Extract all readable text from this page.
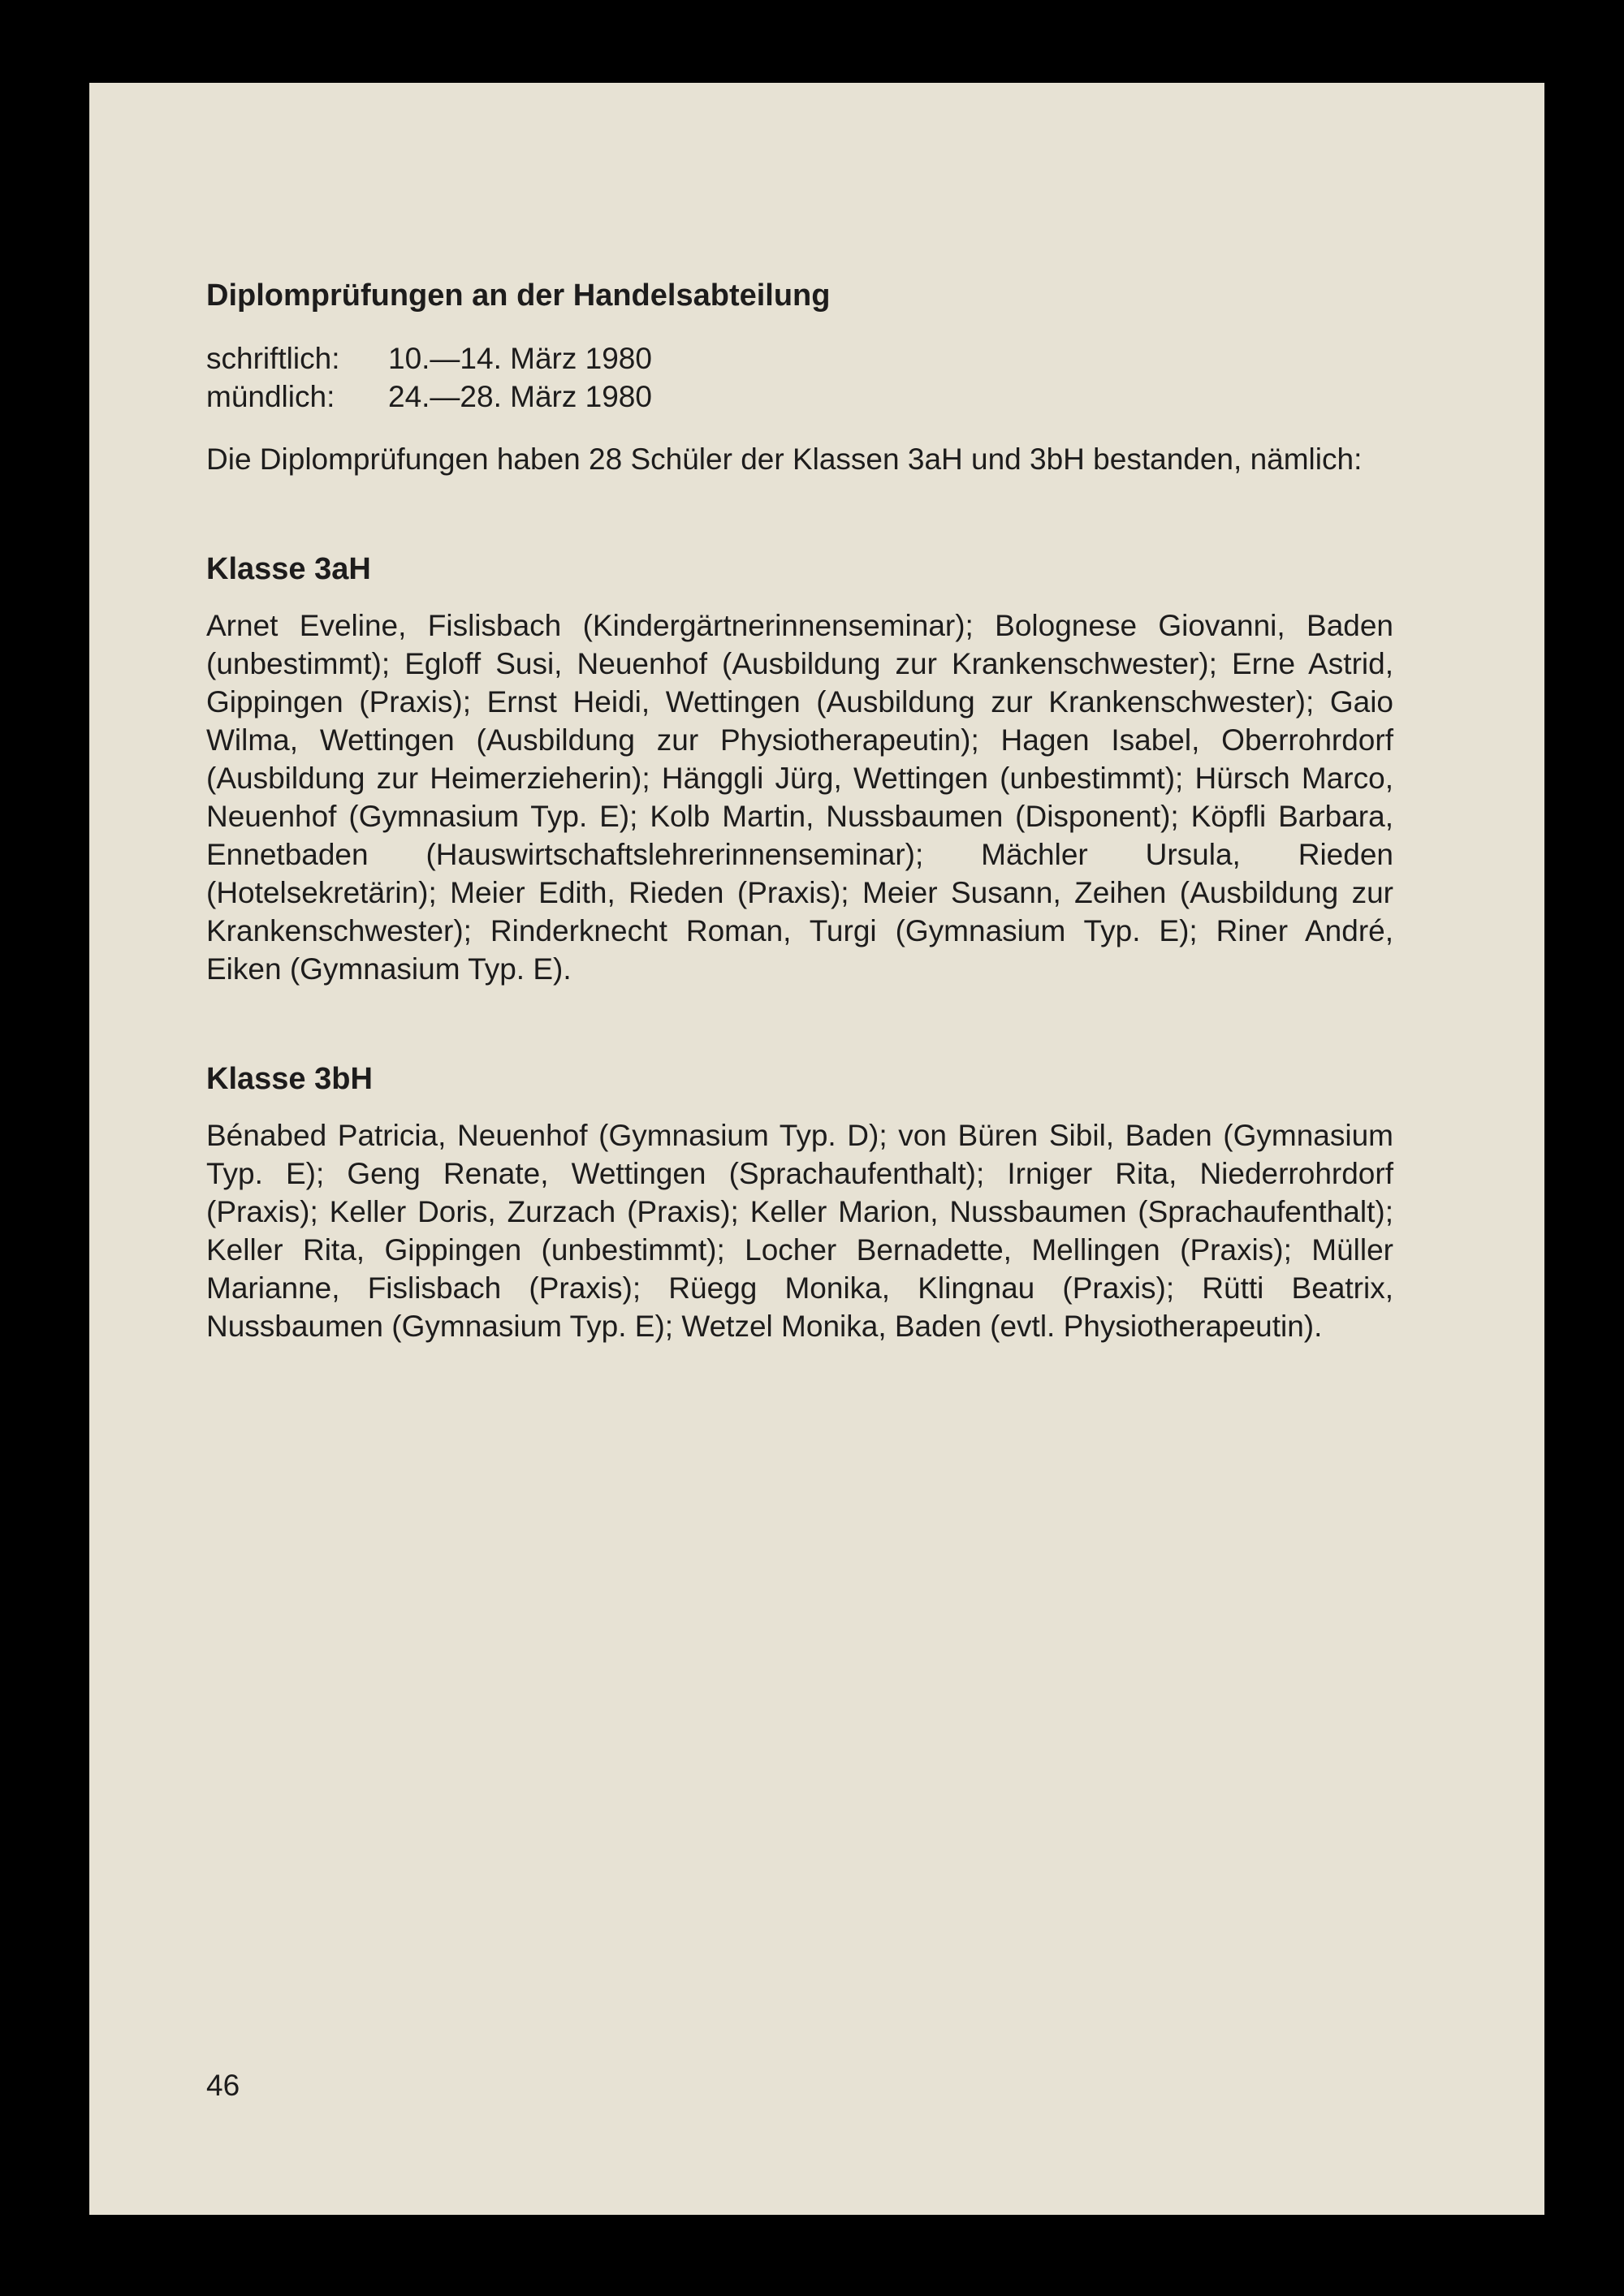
Diplomprüfungen an der Handelsabteilung
schriftlich: 10.—14. März 1980
mündlich: 24.—28. März 1980

Die Diplomprüfungen haben 28 Schüler der Klassen 3aH und 3bH bestanden, nämlich:

Klasse 3aH

Arnet Eveline, Fislisbach (Kindergärtnerinnenseminar); Bolognese Giovanni, Baden (unbestimmt); Egloff Susi, Neuenhof (Ausbildung zur Krankenschwester); Erne Astrid, Gippingen (Praxis); Ernst Heidi, Wettingen (Ausbildung zur Krankenschwester); Gaio Wilma, Wettingen (Ausbildung zur Physiotherapeutin); Hagen Isabel, Oberrohrdorf (Ausbildung zur Heimerzieherin); Hänggli Jürg, Wettingen (unbestimmt); Hürsch Marco, Neuenhof (Gymnasium Typ. E); Kolb Martin, Nussbaumen (Disponent); Köpfli Barbara, Ennetbaden (Hauswirtschaftslehrerinnenseminar); Mächler Ursula, Rieden (Hotelsekretärin); Meier Edith, Rieden (Praxis); Meier Susann, Zeihen (Ausbildung zur Krankenschwester); Rinderknecht Roman, Turgi (Gymnasium Typ. E); Riner André, Eiken (Gymnasium Typ. E).

Klasse 3bH

Bénabed Patricia, Neuenhof (Gymnasium Typ. D); von Büren Sibil, Baden (Gymnasium Typ. E); Geng Renate, Wettingen (Sprachaufenthalt); Irniger Rita, Niederrohrdorf (Praxis); Keller Doris, Zurzach (Praxis); Keller Marion, Nussbaumen (Sprachaufenthalt); Keller Rita, Gippingen (unbestimmt); Locher Bernadette, Mellingen (Praxis); Müller Marianne, Fislisbach (Praxis); Rüegg Monika, Klingnau (Praxis); Rütti Beatrix, Nussbaumen (Gymnasium Typ. E); Wetzel Monika, Baden (evtl. Physiotherapeutin).

46
